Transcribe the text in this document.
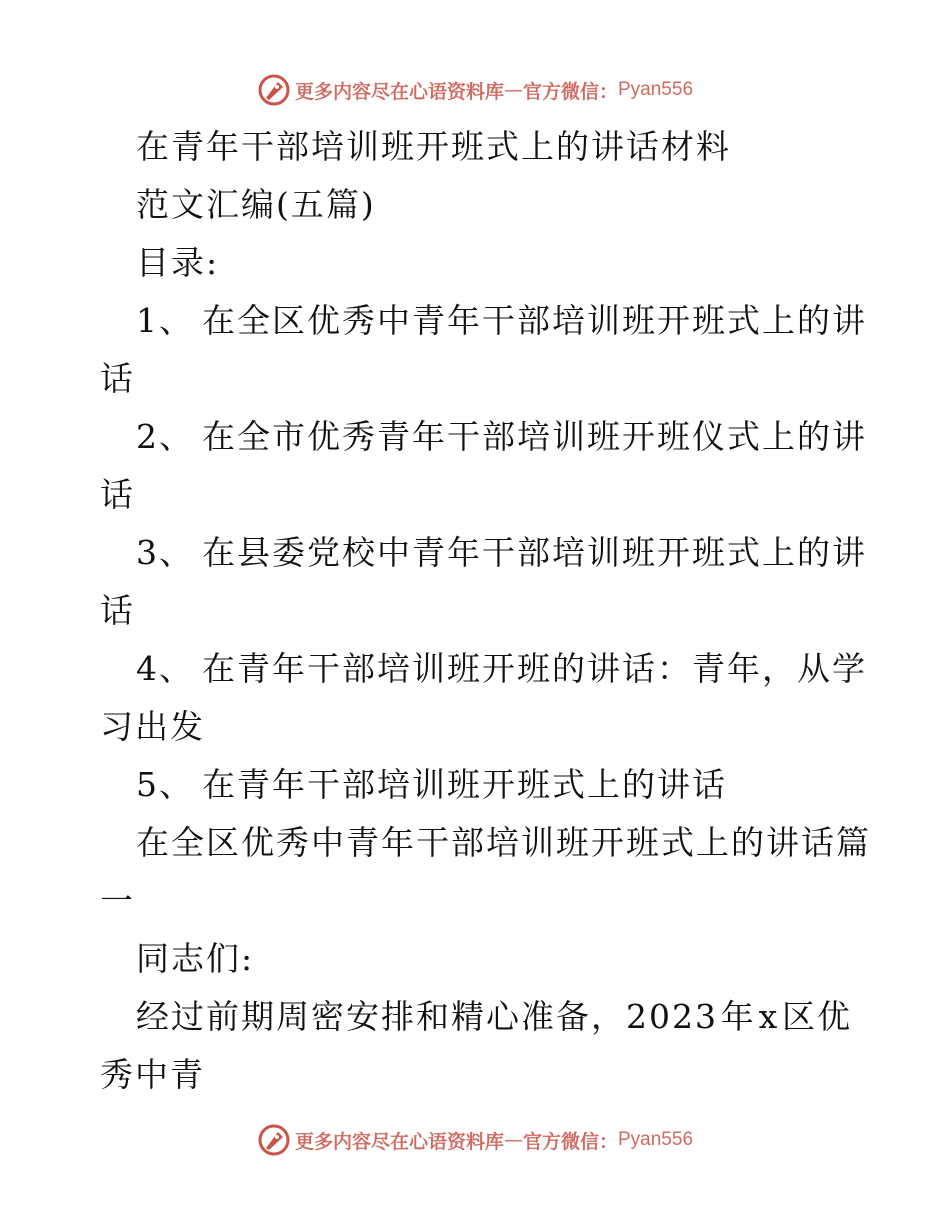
更多内容尽在心语资料库 — 官方微信： Pyan556
在青年干部培训班开班式上的讲话材料
范文汇编(五篇)
目录:
1、 在全区优秀中青年干部培训班开班式上的讲
话
2、 在全市优秀青年干部培训班开班仪式上的讲
话
3、 在县委党校中青年干部培训班开班式上的讲
话
4、 在青年干部培训班开班的讲话：青年，从学
习出发
5、 在青年干部培训班开班式上的讲话
在全区优秀中青年干部培训班开班式上的讲话篇
一
同志们:
经过前期周密安排和精心准备，2023 年 x 区优
秀中青
更多内容尽在心语资料库 — 官方微信： Pyan556
